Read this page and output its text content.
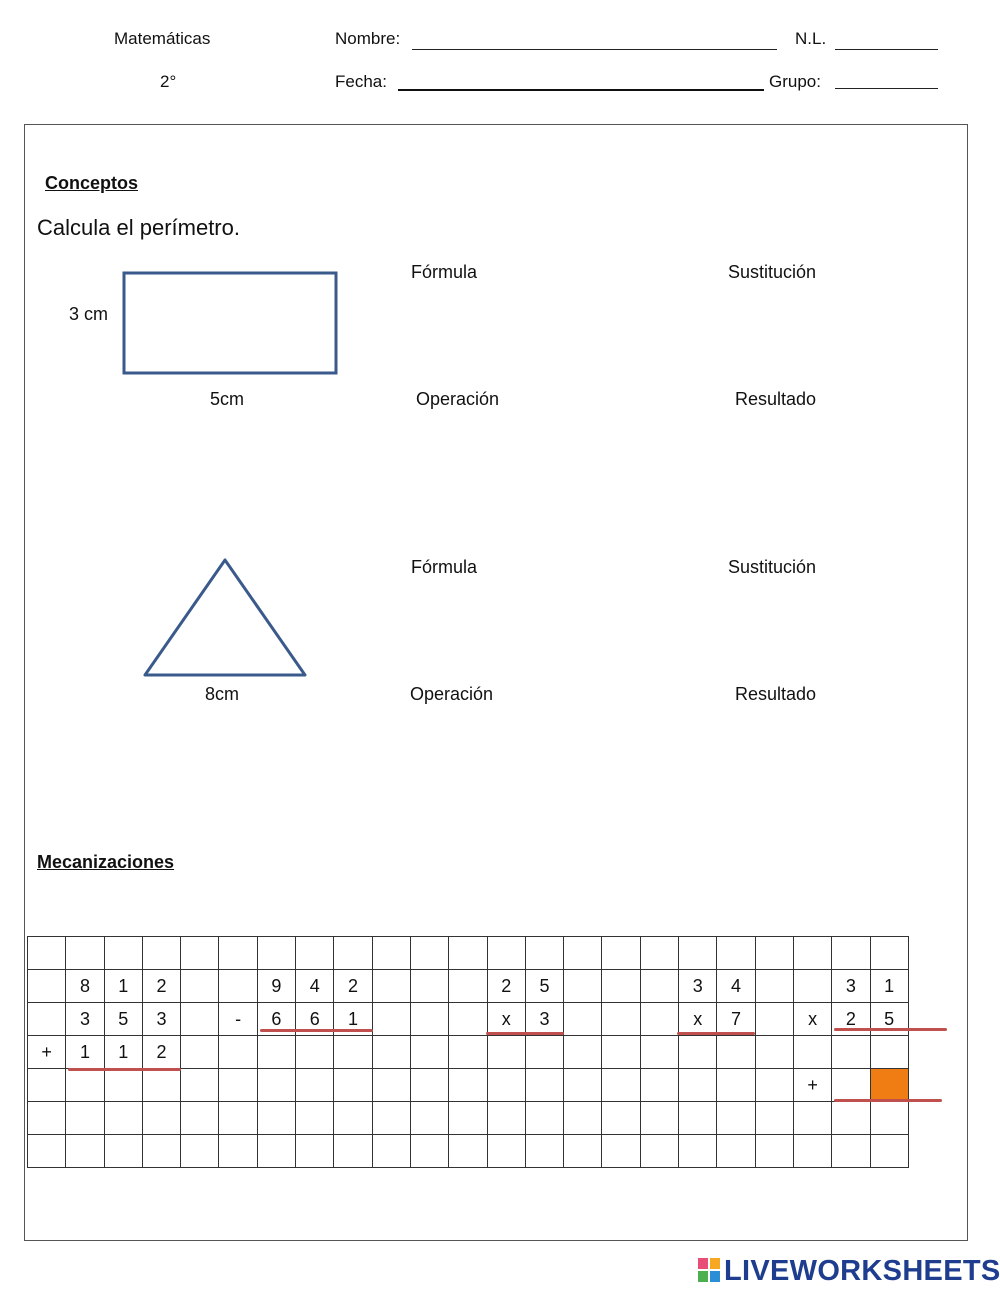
Matemáticas
2°
Nombre:	N.L.
Fecha:	Grupo:
Conceptos
Calcula el perímetro.
3 cm
5cm
Fórmula	Sustitución
Operación	Resultado
8cm
Fórmula	Sustitución
Operación	Resultado
Mecanizaciones

	8	1	2			9	4	2				2	5				3	4			3	1
	3	5	3		-	6	6	1				x	3				x	7		x	2	5
+	1	1	2																			
																				+		

LIVEWORKSHEETS
